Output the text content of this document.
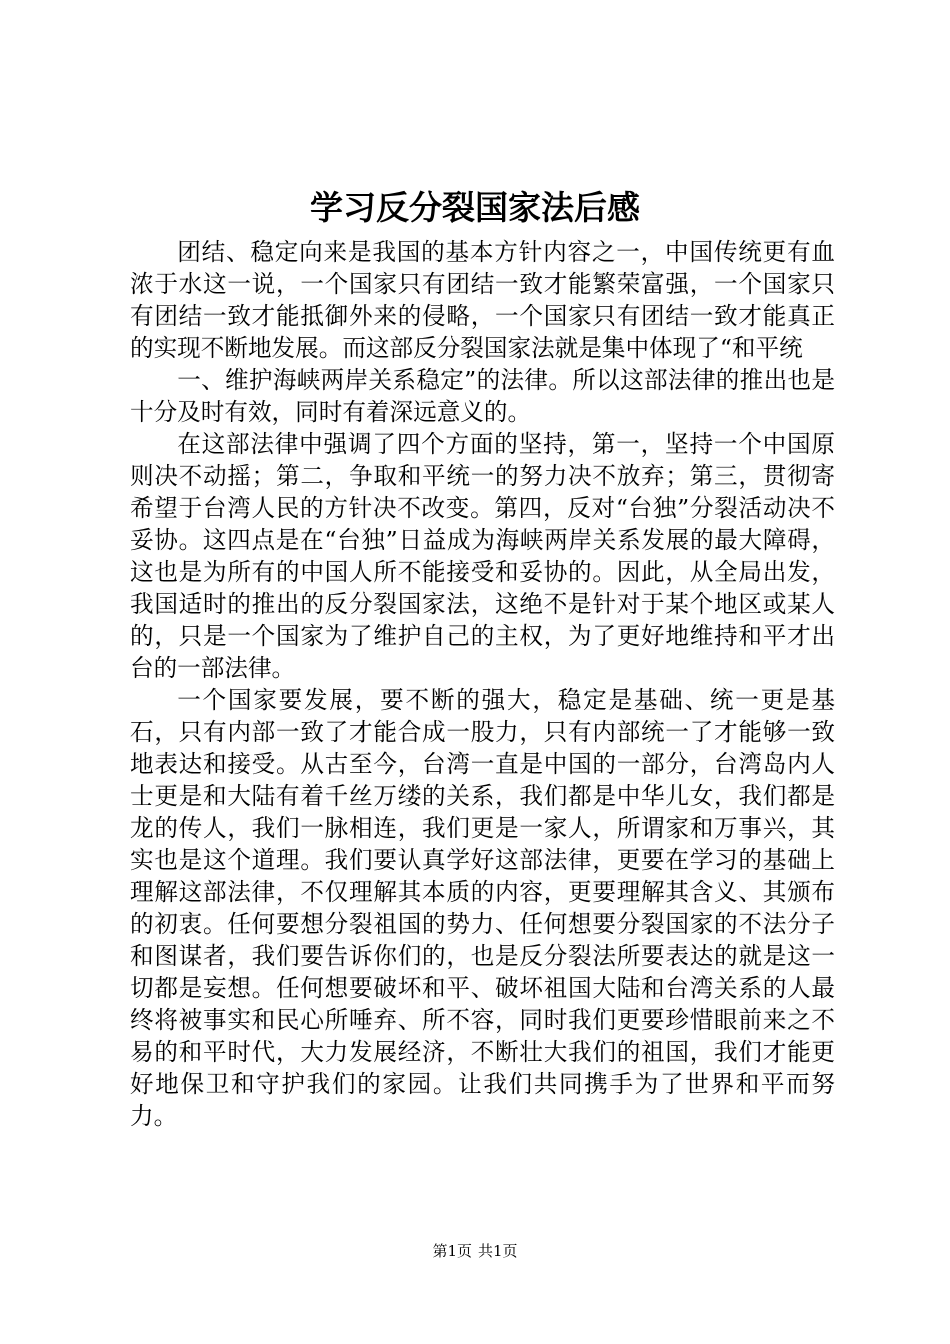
学习反分裂国家法后感

团结、稳定向来是我国的基本方针内容之一，中国传统更有血浓于水这一说，一个国家只有团结一致才能繁荣富强，一个国家只有团结一致才能抵御外来的侵略，一个国家只有团结一致才能真正的实现不断地发展。而这部反分裂国家法就是集中体现了“和平统

一、维护海峡两岸关系稳定”的法律。所以这部法律的推出也是十分及时有效，同时有着深远意义的。

在这部法律中强调了四个方面的坚持，第一，坚持一个中国原则决不动摇；第二，争取和平统一的努力决不放弃；第三，贯彻寄希望于台湾人民的方针决不改变。第四，反对“台独”分裂活动决不妥协。这四点是在“台独”日益成为海峡两岸关系发展的最大障碍，这也是为所有的中国人所不能接受和妥协的。因此，从全局出发，我国适时的推出的反分裂国家法，这绝不是针对于某个地区或某人的，只是一个国家为了维护自己的主权，为了更好地维持和平才出台的一部法律。

一个国家要发展，要不断的强大，稳定是基础、统一更是基石，只有内部一致了才能合成一股力，只有内部统一了才能够一致地表达和接受。从古至今，台湾一直是中国的一部分，台湾岛内人士更是和大陆有着千丝万缕的关系，我们都是中华儿女，我们都是龙的传人，我们一脉相连，我们更是一家人，所谓家和万事兴，其实也是这个道理。我们要认真学好这部法律，更要在学习的基础上理解这部法律，不仅理解其本质的内容，更要理解其含义、其颁布的初衷。任何要想分裂祖国的势力、任何想要分裂国家的不法分子和图谋者，我们要告诉你们的，也是反分裂法所要表达的就是这一切都是妄想。任何想要破坏和平、破坏祖国大陆和台湾关系的人最终将被事实和民心所唾弃、所不容，同时我们更要珍惜眼前来之不易的和平时代，大力发展经济，不断壮大我们的祖国，我们才能更好地保卫和守护我们的家园。让我们共同携手为了世界和平而努力。

第1页 共1页
